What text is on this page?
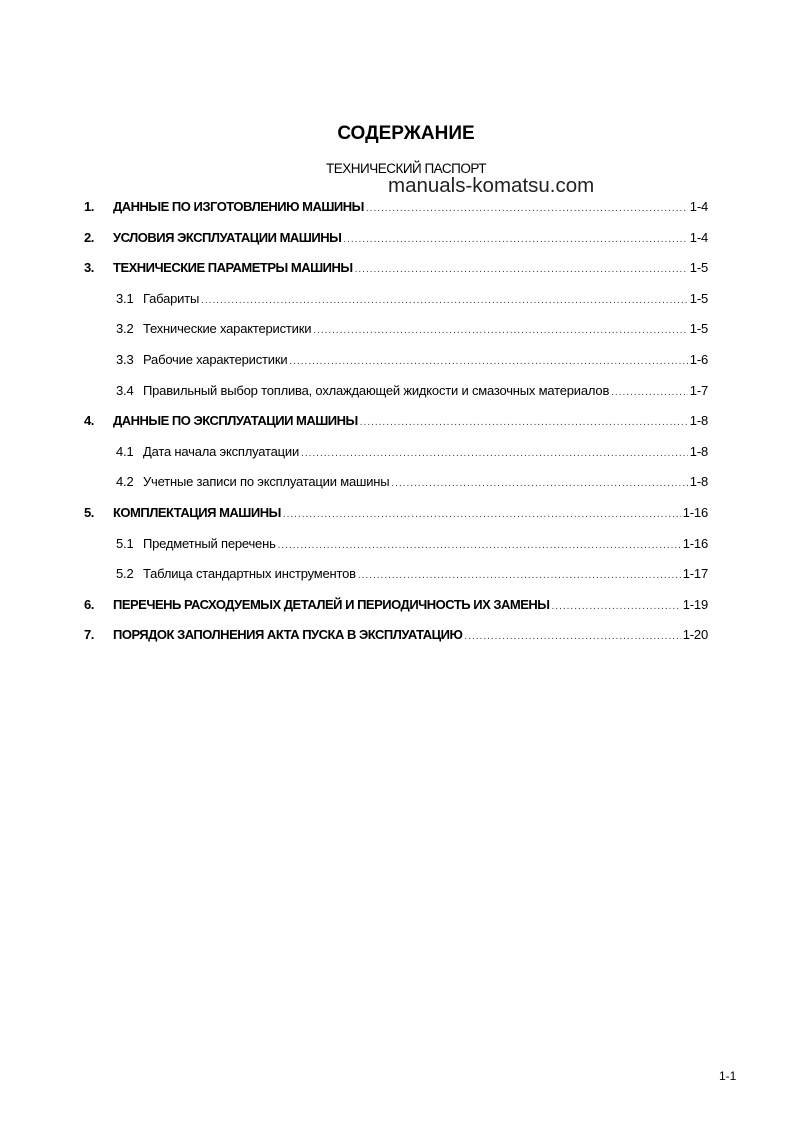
СОДЕРЖАНИЕ
ТЕХНИЧЕСКИЙ ПАСПОРТ
manuals-komatsu.com
1.	ДАННЫЕ ПО ИЗГОТОВЛЕНИЮ МАШИНЫ .....	1-4
2.	УСЛОВИЯ ЭКСПЛУАТАЦИИ МАШИНЫ .....	1-4
3.	ТЕХНИЧЕСКИЕ ПАРАМЕТРЫ МАШИНЫ .....	1-5
3.1 Габариты .....	1-5
3.2 Технические характеристики .....	1-5
3.3 Рабочие характеристики .....	1-6
3.4 Правильный выбор топлива, охлаждающей жидкости и смазочных материалов .....	1-7
4.	ДАННЫЕ ПО ЭКСПЛУАТАЦИИ МАШИНЫ .....	1-8
4.1 Дата начала эксплуатации .....	1-8
4.2 Учетные записи по эксплуатации машины .....	1-8
5.	КОМПЛЕКТАЦИЯ МАШИНЫ .....	1-16
5.1 Предметный перечень .....	1-16
5.2 Таблица стандартных инструментов .....	1-17
6.	ПЕРЕЧЕНЬ РАСХОДУЕМЫХ ДЕТАЛЕЙ И ПЕРИОДИЧНОСТЬ ИХ ЗАМЕНЫ .....	1-19
7.	ПОРЯДОК ЗАПОЛНЕНИЯ АКТА ПУСКА В ЭКСПЛУАТАЦИЮ .....	1-20
1-1
